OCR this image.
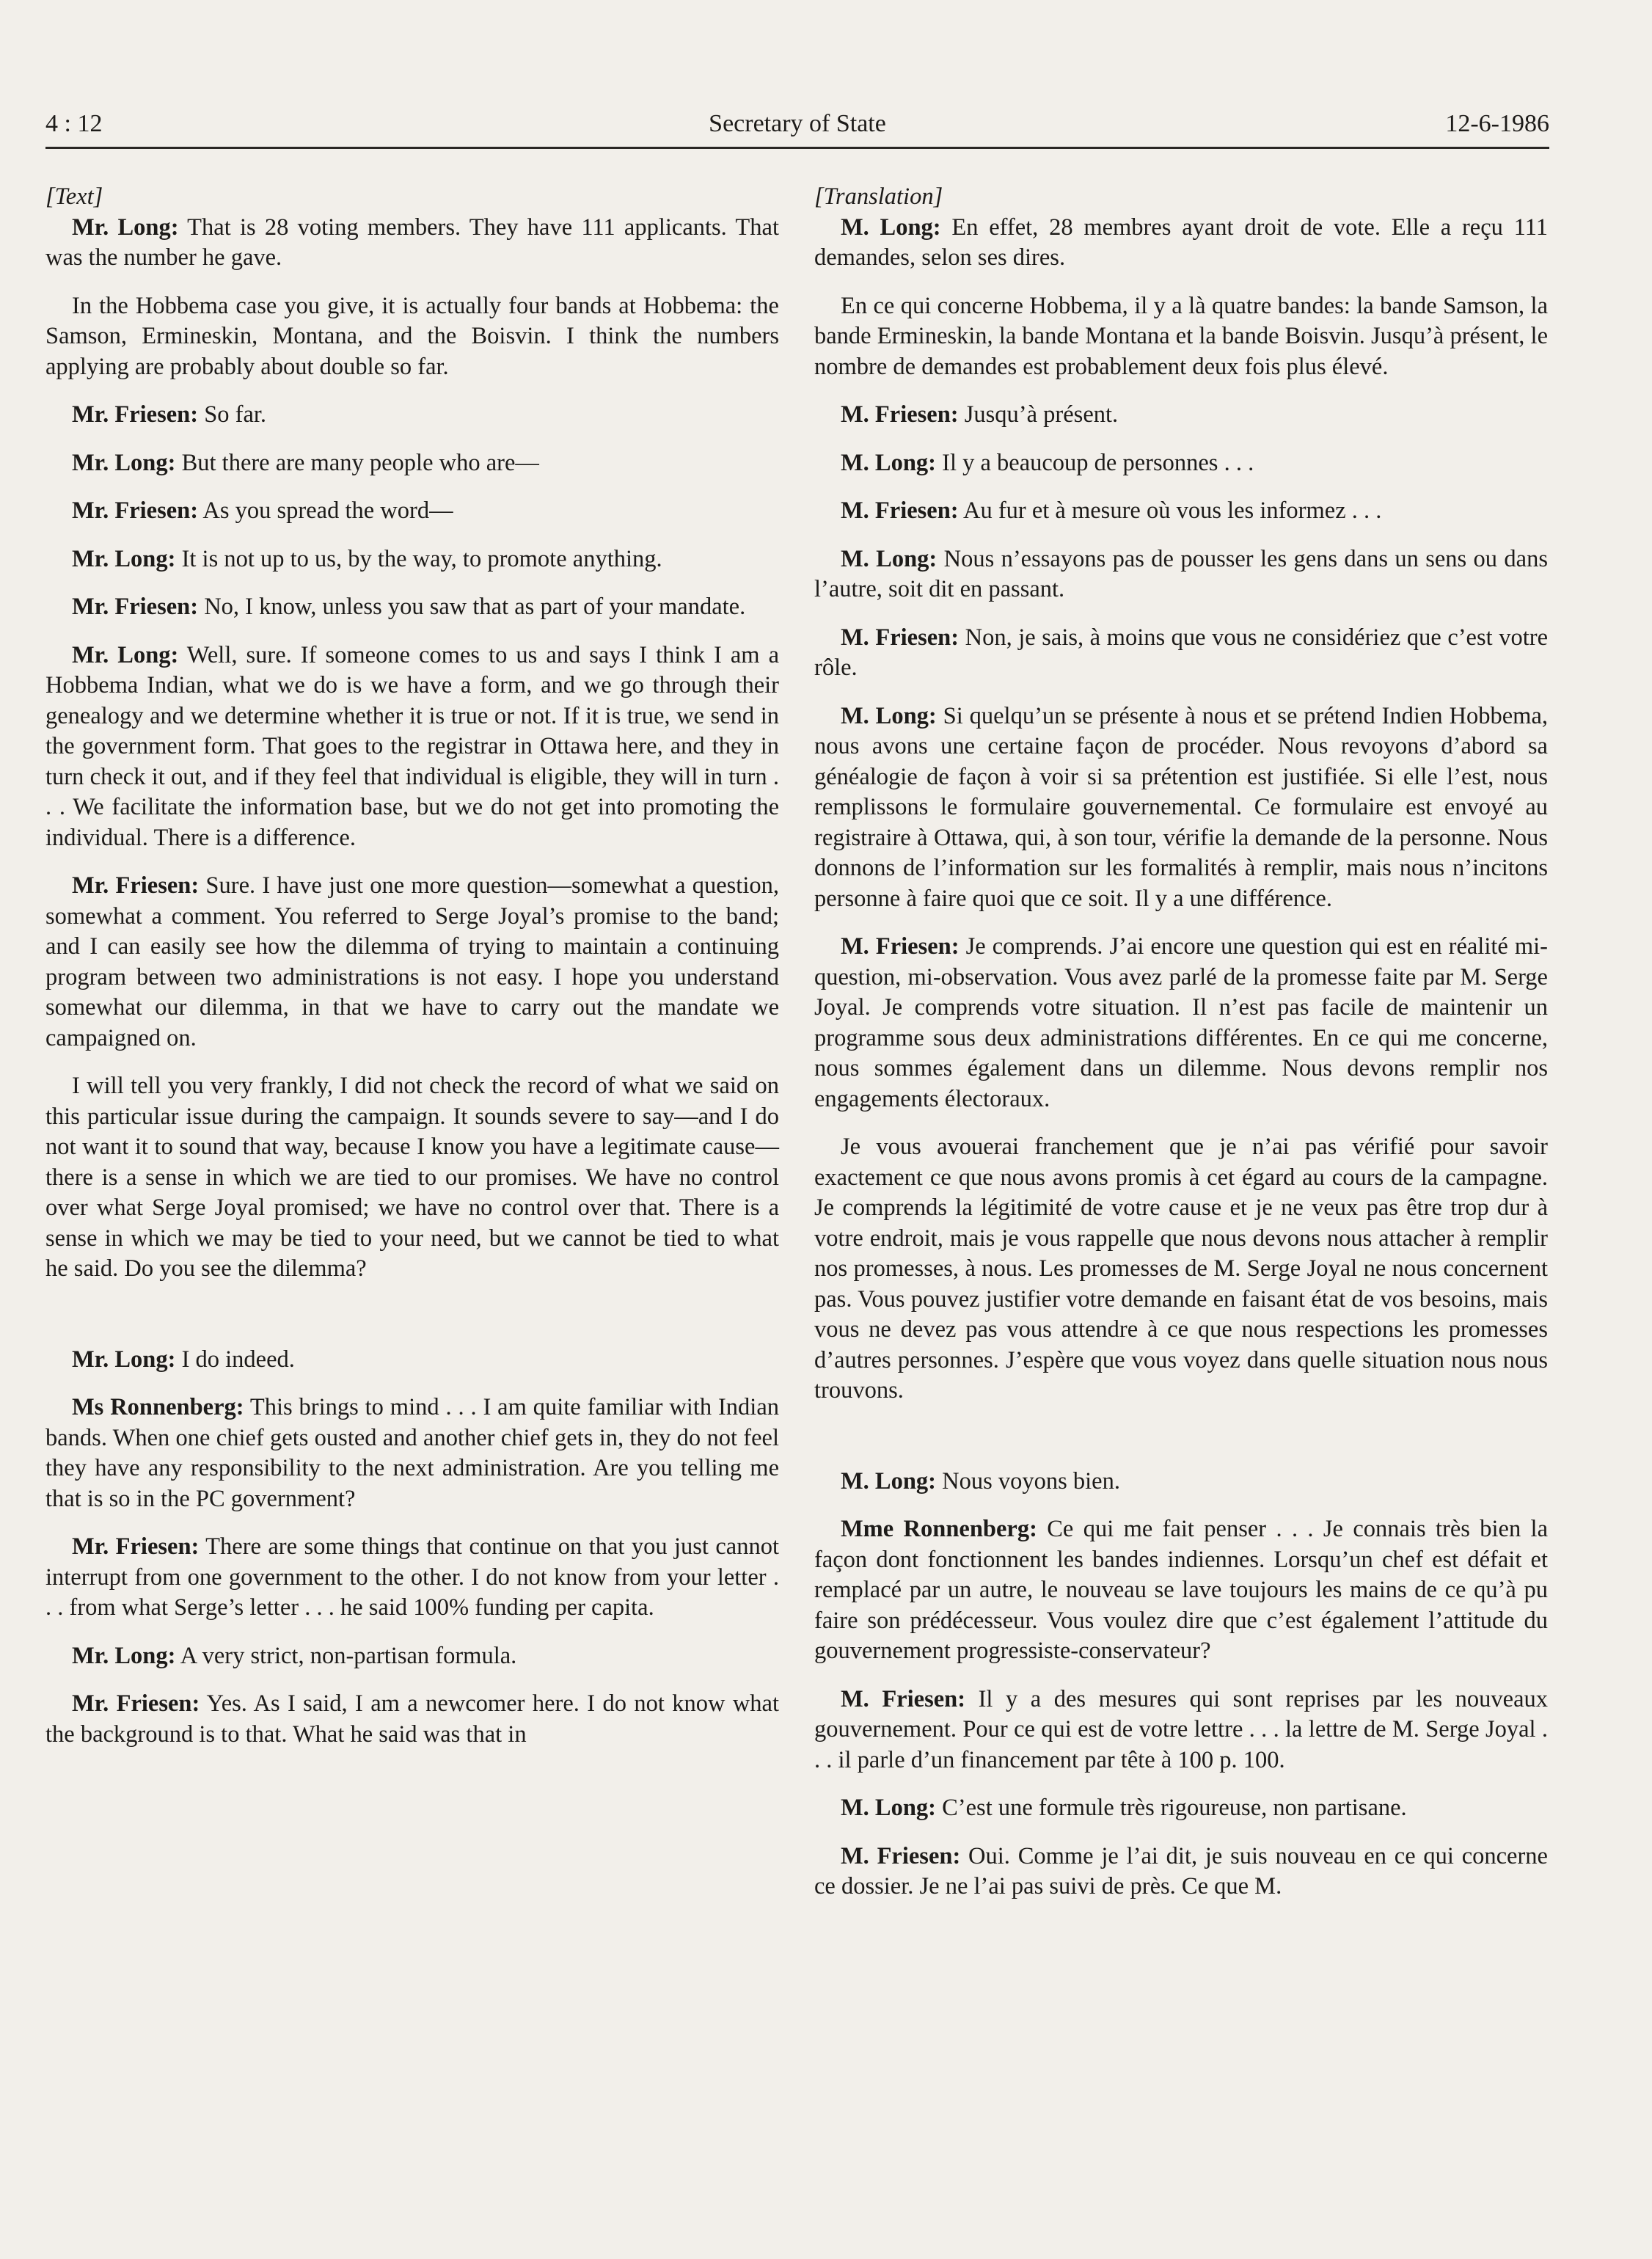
4 : 12	Secretary of State	12-6-1986
[Text]
Mr. Long: That is 28 voting members. They have 111 applicants. That was the number he gave.
In the Hobbema case you give, it is actually four bands at Hobbema: the Samson, Ermineskin, Montana, and the Boisvin. I think the numbers applying are probably about double so far.
Mr. Friesen: So far.
Mr. Long: But there are many people who are—
Mr. Friesen: As you spread the word—
Mr. Long: It is not up to us, by the way, to promote anything.
Mr. Friesen: No, I know, unless you saw that as part of your mandate.
Mr. Long: Well, sure. If someone comes to us and says I think I am a Hobbema Indian, what we do is we have a form, and we go through their genealogy and we determine whether it is true or not. If it is true, we send in the government form. That goes to the registrar in Ottawa here, and they in turn check it out, and if they feel that individual is eligible, they will in turn . . . We facilitate the information base, but we do not get into promoting the individual. There is a difference.
Mr. Friesen: Sure. I have just one more question—somewhat a question, somewhat a comment. You referred to Serge Joyal’s promise to the band; and I can easily see how the dilemma of trying to maintain a continuing program between two administrations is not easy. I hope you understand somewhat our dilemma, in that we have to carry out the mandate we campaigned on.
I will tell you very frankly, I did not check the record of what we said on this particular issue during the campaign. It sounds severe to say—and I do not want it to sound that way, because I know you have a legitimate cause—there is a sense in which we are tied to our promises. We have no control over what Serge Joyal promised; we have no control over that. There is a sense in which we may be tied to your need, but we cannot be tied to what he said. Do you see the dilemma?
Mr. Long: I do indeed.
Ms Ronnenberg: This brings to mind . . . I am quite familiar with Indian bands. When one chief gets ousted and another chief gets in, they do not feel they have any responsibility to the next administration. Are you telling me that is so in the PC government?
Mr. Friesen: There are some things that continue on that you just cannot interrupt from one government to the other. I do not know from your letter . . . from what Serge’s letter . . . he said 100% funding per capita.
Mr. Long: A very strict, non-partisan formula.
Mr. Friesen: Yes. As I said, I am a newcomer here. I do not know what the background is to that. What he said was that in
[Translation]
M. Long: En effet, 28 membres ayant droit de vote. Elle a reçu 111 demandes, selon ses dires.
En ce qui concerne Hobbema, il y a là quatre bandes: la bande Samson, la bande Ermineskin, la bande Montana et la bande Boisvin. Jusqu’à présent, le nombre de demandes est probablement deux fois plus élevé.
M. Friesen: Jusqu’à présent.
M. Long: Il y a beaucoup de personnes . . .
M. Friesen: Au fur et à mesure où vous les informez . . .
M. Long: Nous n’essayons pas de pousser les gens dans un sens ou dans l’autre, soit dit en passant.
M. Friesen: Non, je sais, à moins que vous ne considériez que c’est votre rôle.
M. Long: Si quelqu’un se présente à nous et se prétend Indien Hobbema, nous avons une certaine façon de procéder. Nous revoyons d’abord sa généalogie de façon à voir si sa prétention est justifiée. Si elle l’est, nous remplissons le formulaire gouvernemental. Ce formulaire est envoyé au registraire à Ottawa, qui, à son tour, vérifie la demande de la personne. Nous donnons de l’information sur les formalités à remplir, mais nous n’incitons personne à faire quoi que ce soit. Il y a une différence.
M. Friesen: Je comprends. J’ai encore une question qui est en réalité mi-question, mi-observation. Vous avez parlé de la promesse faite par M. Serge Joyal. Je comprends votre situation. Il n’est pas facile de maintenir un programme sous deux administrations différentes. En ce qui me concerne, nous sommes également dans un dilemme. Nous devons remplir nos engagements électoraux.
Je vous avouerai franchement que je n’ai pas vérifié pour savoir exactement ce que nous avons promis à cet égard au cours de la campagne. Je comprends la légitimité de votre cause et je ne veux pas être trop dur à votre endroit, mais je vous rappelle que nous devons nous attacher à remplir nos promesses, à nous. Les promesses de M. Serge Joyal ne nous concernent pas. Vous pouvez justifier votre demande en faisant état de vos besoins, mais vous ne devez pas vous attendre à ce que nous respections les promesses d’autres personnes. J’espère que vous voyez dans quelle situation nous nous trouvons.
M. Long: Nous voyons bien.
Mme Ronnenberg: Ce qui me fait penser . . . Je connais très bien la façon dont fonctionnent les bandes indiennes. Lorsqu’un chef est défait et remplacé par un autre, le nouveau se lave toujours les mains de ce qu’à pu faire son prédécesseur. Vous voulez dire que c’est également l’attitude du gouvernement progressiste-conservateur?
M. Friesen: Il y a des mesures qui sont reprises par les nouveaux gouvernement. Pour ce qui est de votre lettre . . . la lettre de M. Serge Joyal . . . il parle d’un financement par tête à 100 p. 100.
M. Long: C’est une formule très rigoureuse, non partisane.
M. Friesen: Oui. Comme je l’ai dit, je suis nouveau en ce qui concerne ce dossier. Je ne l’ai pas suivi de près. Ce que M.
